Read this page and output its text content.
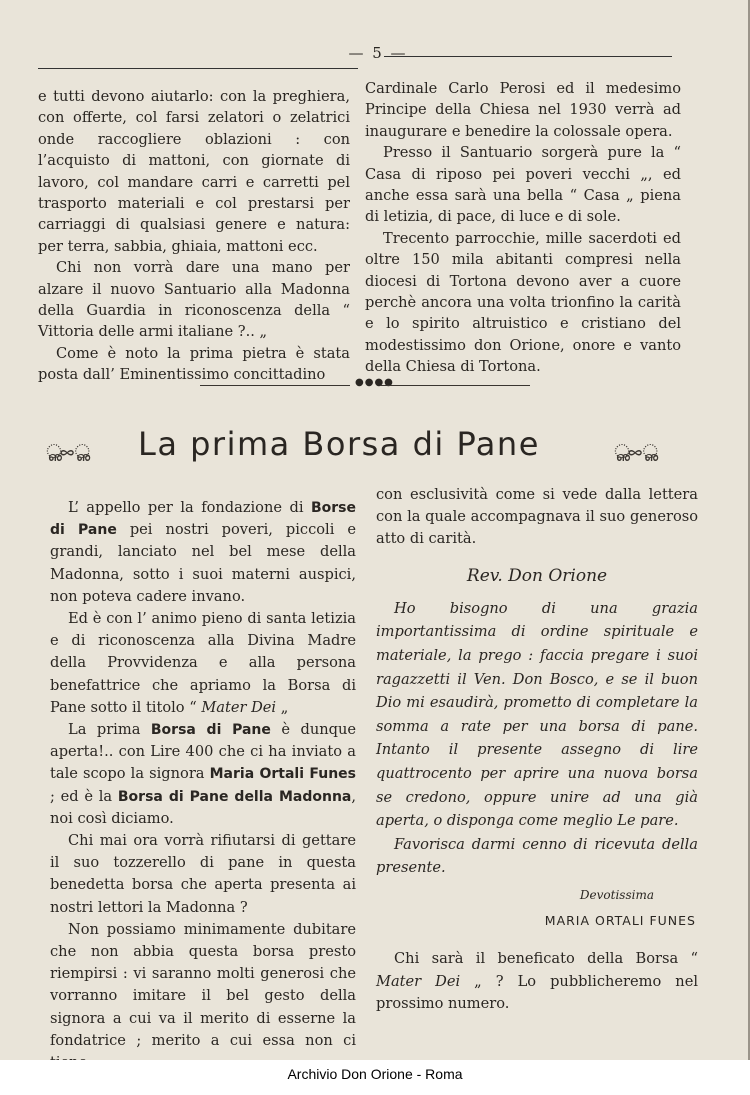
— 5 —

e tutti devono aiutarlo: con la preghiera, con offerte, col farsi zelatori o zelatrici onde raccogliere oblazioni : con l’acquisto di mattoni, con giornate di lavoro, col mandare carri e carretti pel trasporto materiali e col prestarsi per carriaggi di qualsiasi genere e natura: per terra, sabbia, ghiaia, mattoni ecc.

Chi non vorrà dare una mano per alzare il nuovo Santuario alla Madonna della Guardia in riconoscenza della “ Vittoria delle armi italiane ?.. „

Come è noto la prima pietra è stata posta dall’ Eminentissimo concittadino

Cardinale Carlo Perosi ed il medesimo Principe della Chiesa nel 1930 verrà ad inaugurare e benedire la colossale opera.

Presso il Santuario sorgerà pure la “ Casa di riposo pei poveri vecchi „, ed anche essa sarà una bella “ Casa „ piena di letizia, di pace, di luce e di sole.

Trecento parrocchie, mille sacerdoti ed oltre 150 mila abitanti compresi nella diocesi di Tortona devono aver a cuore perchè ancora una volta trionfino la carità e lo spirito altruistico e cristiano del modestissimo don Orione, onore e vanto della Chiesa di Tortona.

●●●●
ൢ∞ൢ La prima Borsa di Pane	ൢ∞ൢ

L’ appello per la fondazione di Borse di Pane pei nostri poveri, piccoli e grandi, lanciato nel bel mese della Madonna, sotto i suoi materni auspici, non poteva cadere invano.

Ed è con l’ animo pieno di santa letizia e di riconoscenza alla Divina Madre della Provvidenza e alla persona benefattrice che apriamo la Borsa di Pane sotto il titolo “ Mater Dei „

La prima Borsa di Pane è dunque aperta!.. con Lire 400 che ci ha inviato a tale scopo la signora Maria Ortali Funes ; ed è la Borsa di Pane della Madonna, noi così diciamo.

Chi mai ora vorrà rifiutarsi di gettare il suo tozzerello di pane in questa benedetta borsa che aperta presenta ai nostri lettori la Madonna ?

Non possiamo minimamente dubitare che non abbia questa borsa presto riempirsi : vi saranno molti generosi che vorranno imitare il bel gesto della signora a cui va il merito di esserne la fondatrice ; merito a cui essa non ci

con esclusività come si vede dalla lettera con la quale accompagnava il suo generoso atto di carità.

Rev. Don Orione

Ho bisogno di una grazia importantissima di ordine spirituale e materiale, la prego : faccia pregare i suoi ragazzetti il Ven. Don Bosco, e se il buon Dio mi esaudirà, prometto di completare la somma a rate per una borsa di pane. Intanto il presente assegno di lire quattrocento per aprire una nuova borsa se credono, oppure unire ad una già aperta, o disponga come meglio Le pare.

Favorisca darmi cenno di ricevuta della presente.

Devotissima
MARIA ORTALI FUNES

Chi sarà il beneficato della Borsa “ Mater Dei „ ? Lo pubblicheremo nel prossimo numero.

Archivio Don Orione - Roma
